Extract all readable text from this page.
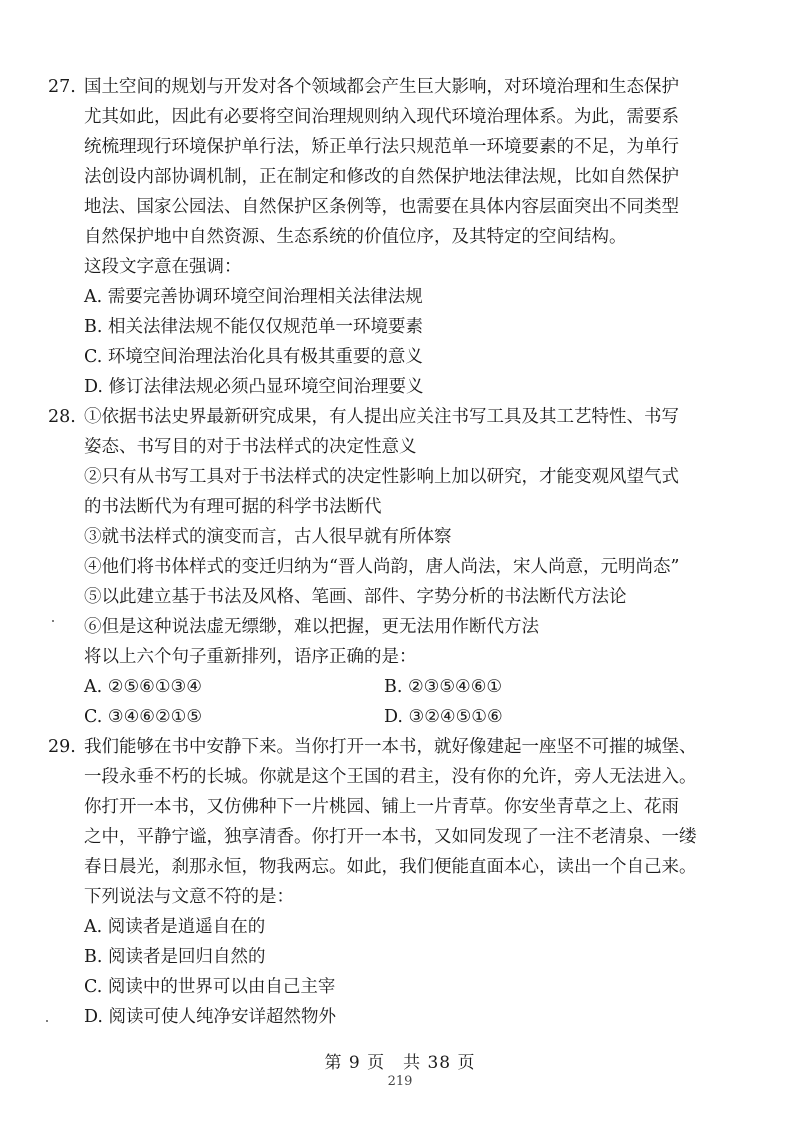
27. 国土空间的规划与开发对各个领域都会产生巨大影响，对环境治理和生态保护
尤其如此，因此有必要将空间治理规则纳入现代环境治理体系。为此，需要系
统梳理现行环境保护单行法，矫正单行法只规范单一环境要素的不足，为单行
法创设内部协调机制，正在制定和修改的自然保护地法律法规，比如自然保护
地法、国家公园法、自然保护区条例等，也需要在具体内容层面突出不同类型
自然保护地中自然资源、生态系统的价值位序，及其特定的空间结构。
这段文字意在强调：
A. 需要完善协调环境空间治理相关法律法规
B. 相关法律法规不能仅仅规范单一环境要素
C. 环境空间治理法治化具有极其重要的意义
D. 修订法律法规必须凸显环境空间治理要义
28. ①依据书法史界最新研究成果，有人提出应关注书写工具及其工艺特性、书写
姿态、书写目的对于书法样式的决定性意义
②只有从书写工具对于书法样式的决定性影响上加以研究，才能变观风望气式
的书法断代为有理可据的科学书法断代
③就书法样式的演变而言，古人很早就有所体察
④他们将书体样式的变迁归纳为“晋人尚韵，唐人尚法，宋人尚意，元明尚态”
⑤以此建立基于书法及风格、笔画、部件、字势分析的书法断代方法论
⑥但是这种说法虚无缥缈，难以把握，更无法用作断代方法
将以上六个句子重新排列，语序正确的是：
A. ②⑤⑥①③④	B. ②③⑤④⑥①
C. ③④⑥②①⑤	D. ③②④⑤①⑥
29. 我们能够在书中安静下来。当你打开一本书，就好像建起一座坚不可摧的城堡、
一段永垂不朽的长城。你就是这个王国的君主，没有你的允许，旁人无法进入。
你打开一本书，又仿佛种下一片桃园、铺上一片青草。你安坐青草之上、花雨
之中，平静宁谧，独享清香。你打开一本书，又如同发现了一注不老清泉、一缕
春日晨光，刹那永恒，物我两忘。如此，我们便能直面本心，读出一个自己来。
下列说法与文意不符的是：
A. 阅读者是逍遥自在的
B. 阅读者是回归自然的
C. 阅读中的世界可以由自己主宰
D. 阅读可使人纯净安详超然物外
第 9 页　共 38 页
219
